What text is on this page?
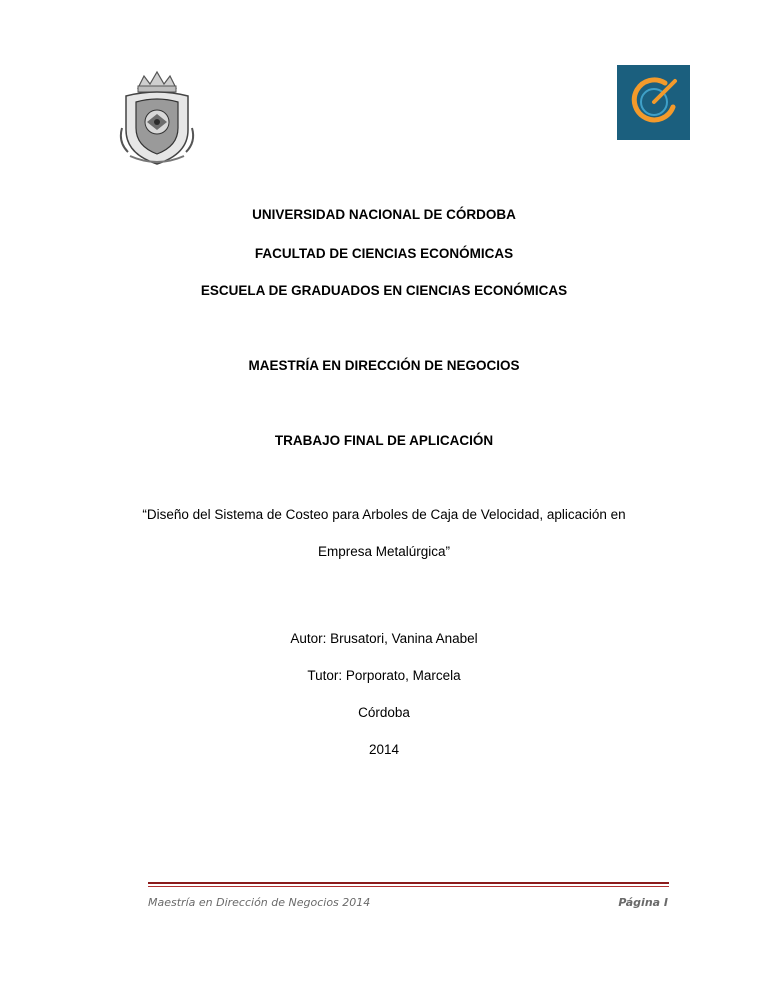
UNIVERSIDAD NACIONAL DE CÓRDOBA
FACULTAD DE CIENCIAS ECONÓMICAS
ESCUELA DE GRADUADOS EN CIENCIAS ECONÓMICAS
MAESTRÍA EN DIRECCIÓN DE NEGOCIOS
TRABAJO FINAL DE APLICACIÓN
“Diseño del Sistema de Costeo para Arboles de Caja de Velocidad, aplicación en
Empresa Metalúrgica”
Autor: Brusatori, Vanina Anabel
Tutor: Porporato, Marcela
Córdoba
2014
Maestría en Dirección de Negocios 2014	Página I
